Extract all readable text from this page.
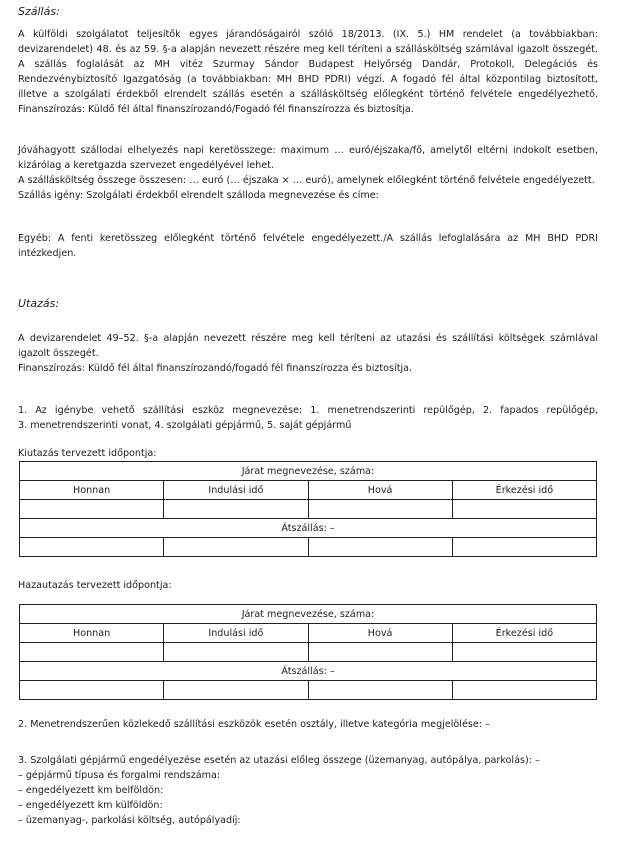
Szállás:
A külföldi szolgálatot teljesítők egyes járandóságairól szóló 18/2013. (IX. 5.) HM rendelet (a továbbiakban:
devizarendelet) 48. és az 59. §-a alapján nevezett részére meg kell téríteni a szállásköltség számlával igazolt összegét.
A szállás foglalását az MH vitéz Szurmay Sándor Budapest Helyőrség Dandár, Protokoll, Delegációs és
Rendezvénybiztosító Igazgatóság (a továbbiakban: MH BHD PDRI) végzi. A fogadó fél által központilag biztosított,
illetve a szolgálati érdekből elrendelt szállás esetén a szállásköltség előlegként történő felvétele engedélyezhető.
Finanszírozás: Küldő fél által finanszírozandó/Fogadó fél finanszírozza és biztosítja.
Jóváhagyott szállodai elhelyezés napi keretösszege: maximum … euró/éjszaka/fő, amelytől eltérni indokolt esetben,
kizárólag a keretgazda szervezet engedélyével lehet.
A szállásköltség összege összesen: … euró (… éjszaka × … euró), amelynek előlegként történő felvétele engedélyezett.
Szállás igény: Szolgálati érdekből elrendelt szálloda megnevezése és címe:
Egyéb: A fenti keretösszeg előlegként történő felvétele engedélyezett./A szállás lefoglalására az MH BHD PDRI
intézkedjen.
Utazás:
A devizarendelet 49–52. §-a alapján nevezett részére meg kell téríteni az utazási és szállítási költségek számlával
igazolt összegét.
Finanszírozás: Küldő fél által finanszírozandó/fogadó fél finanszírozza és biztosítja.
1. Az igénybe vehető szállítási eszköz megnevezése: 1. menetrendszerinti repülőgép, 2. fapados repülőgép,
3. menetrendszerinti vonat, 4. szolgálati gépjármű, 5. saját gépjármű
Kiutazás tervezett időpontja:
Járat megnevezése, száma:			
Honnan	Indulási idő	Hová	Érkezési idő

Átszállás: –			

Hazautazás tervezett időpontja:
Járat megnevezése, száma:			
Honnan	Indulási idő	Hová	Érkezési idő

Átszállás: –			

2. Menetrendszerűen közlekedő szállítási eszközök esetén osztály, illetve kategória megjelölése: –
3. Szolgálati gépjármű engedélyezése esetén az utazási előleg összege (üzemanyag, autópálya, parkolás): –
– gépjármű típusa és forgalmi rendszáma:
– engedélyezett km belföldön:
– engedélyezett km külföldön:
– üzemanyag-, parkolási költség, autópályadíj:
